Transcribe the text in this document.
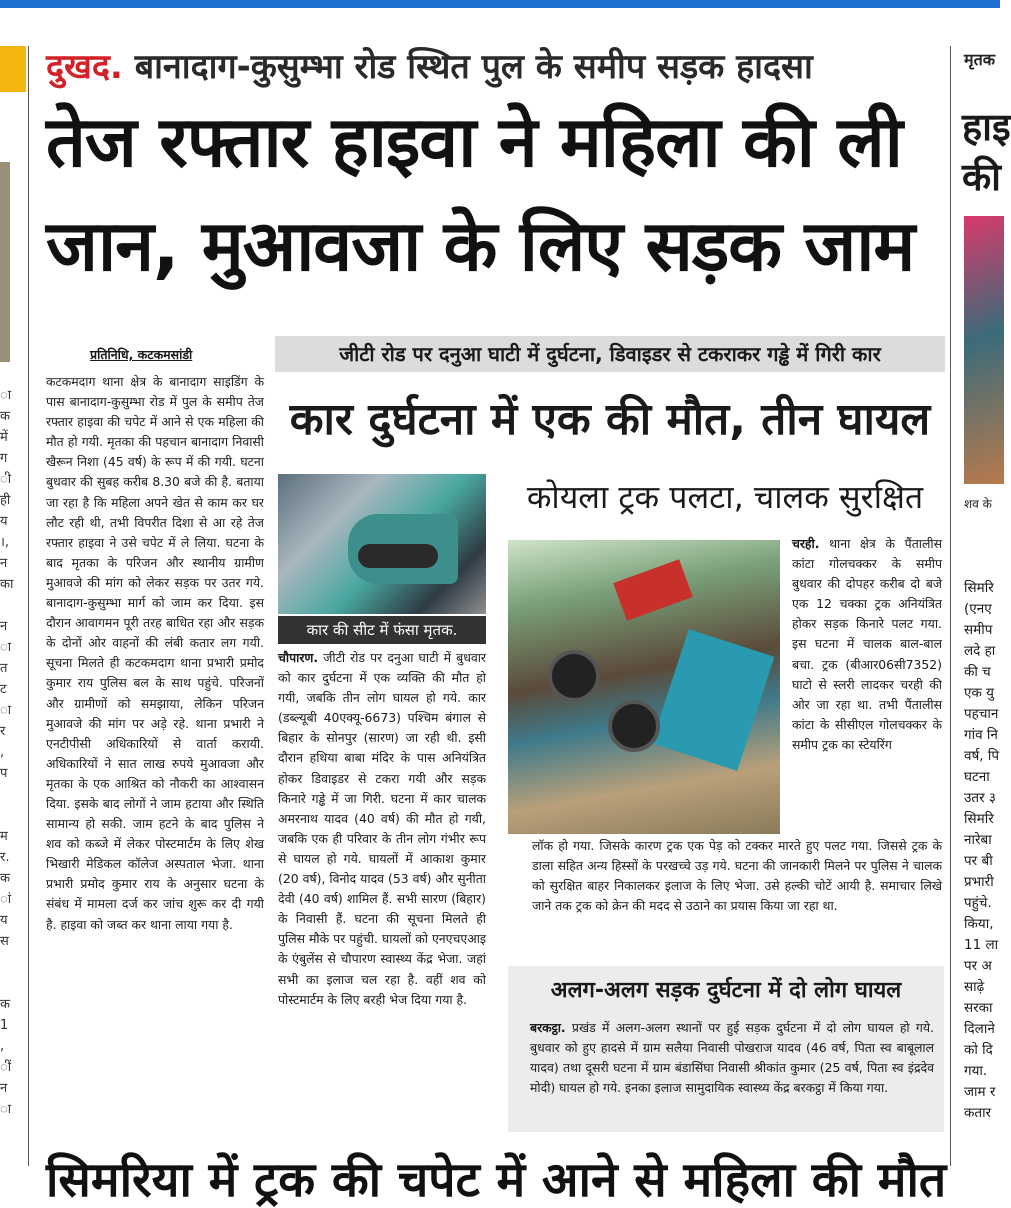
ा
क
में
ग
ी
ही
य
।,
न
का
न
ा
त
ट
ा
र
,
प
म
र.
क
ां
य
स
क
1
,
ीं
न
ा
दुखद. बानादाग-कुसुम्भा रोड स्थित पुल के समीप सड़क हादसा
तेज रफ्तार हाइवा ने महिला की ली
जान, मुआवजा के लिए सड़क जाम
प्रतिनिधि, कटकमसांडी
कटकमदाग थाना क्षेत्र के बानादाग साइडिंग के पास बानादाग-कुसुम्भा रोड में पुल के समीप तेज रफ्तार हाइवा की चपेट में आने से एक महिला की मौत हो गयी. मृतका की पहचान बानादाग निवासी खैरून निशा (45 वर्ष) के रूप में की गयी. घटना बुधवार की सुबह करीब 8.30 बजे की है. बताया जा रहा है कि महिला अपने खेत से काम कर घर लौट रही थी, तभी विपरीत दिशा से आ रहे तेज रफ्तार हाइवा ने उसे चपेट में ले लिया. घटना के बाद मृतका के परिजन और स्थानीय ग्रामीण मुआवजे की मांग को लेकर सड़क पर उतर गये. बानादाग-कुसुम्भा मार्ग को जाम कर दिया. इस दौरान आवागमन पूरी तरह बाधित रहा और सड़क के दोनों ओर वाहनों की लंबी कतार लग गयी. सूचना मिलते ही कटकमदाग थाना प्रभारी प्रमोद कुमार राय पुलिस बल के साथ पहुंचे. परिजनों और ग्रामीणों को समझाया, लेकिन परिजन मुआवजे की मांग पर अड़े रहे. थाना प्रभारी ने एनटीपीसी अधिकारियों से वार्ता करायी. अधिकारियों ने सात लाख रुपये मुआवजा और मृतका के एक आश्रित को नौकरी का आश्वासन दिया. इसके बाद लोगों ने जाम हटाया और स्थिति सामान्य हो सकी. जाम हटने के बाद पुलिस ने शव को कब्जे में लेकर पोस्टमार्टम के लिए शेख भिखारी मेडिकल कॉलेज अस्पताल भेजा. थाना प्रभारी प्रमोद कुमार राय के अनुसार घटना के संबंध में मामला दर्ज कर जांच शुरू कर दी गयी है. हाइवा को जब्त कर थाना लाया गया है.
जीटी रोड पर दनुआ घाटी में दुर्घटना, डिवाइडर से टकराकर गड्ढे में गिरी कार
कार दुर्घटना में एक की मौत, तीन घायल
कोयला ट्रक पलटा, चालक सुरक्षित
कार की सीट में फंसा मृतक.
चौपारण. जीटी रोड पर दनुआ घाटी में बुधवार को कार दुर्घटना में एक व्यक्ति की मौत हो गयी, जबकि तीन लोग घायल हो गये. कार (डब्ल्यूबी 40एक्यू-6673) पश्चिम बंगाल से बिहार के सोनपुर (सारण) जा रही थी. इसी दौरान हथिया बाबा मंदिर के पास अनियंत्रित होकर डिवाइडर से टकरा गयी और सड़क किनारे गड्ढे में जा गिरी. घटना में कार चालक अमरनाथ यादव (40 वर्ष) की मौत हो गयी, जबकि एक ही परिवार के तीन लोग गंभीर रूप से घायल हो गये. घायलों में आकाश कुमार (20 वर्ष), विनोद यादव (53 वर्ष) और सुनीता देवी (40 वर्ष) शामिल हैं. सभी सारण (बिहार) के निवासी हैं. घटना की सूचना मिलते ही पुलिस मौके पर पहुंची. घायलों को एनएचएआइ के एंबुलेंस से चौपारण स्वास्थ्य केंद्र भेजा. जहां सभी का इलाज चल रहा है. वहीं शव को पोस्टमार्टम के लिए बरही भेज दिया गया है.
चरही. थाना क्षेत्र के पैंतालीस कांटा गोलचक्कर के समीप बुधवार की दोपहर करीब दो बजे एक 12 चक्का ट्रक अनियंत्रित होकर सड़क किनारे पलट गया. इस घटना में चालक बाल-बाल बचा. ट्रक (बीआर06सी7352) घाटो से स्लरी लादकर चरही की ओर जा रहा था. तभी पैंतालीस कांटा के सीसीएल गोलचक्कर के समीप ट्रक का स्टेयरिंग
लॉक हो गया. जिसके कारण ट्रक एक पेड़ को टक्कर मारते हुए पलट गया. जिससे ट्रक के डाला सहित अन्य हिस्सों के परखच्चे उड़ गये. घटना की जानकारी मिलने पर पुलिस ने चालक को सुरक्षित बाहर निकालकर इलाज के लिए भेजा. उसे हल्की चोटें आयी है. समाचार लिखे जाने तक ट्रक को क्रेन की मदद से उठाने का प्रयास किया जा रहा था.
अलग-अलग सड़क दुर्घटना में दो लोग घायल
बरकट्ठा. प्रखंड में अलग-अलग स्थानों पर हुई सड़क दुर्घटना में दो लोग घायल हो गये. बुधवार को हुए हादसे में ग्राम सलैया निवासी पोखराज यादव (46 वर्ष, पिता स्व बाबूलाल यादव) तथा दूसरी घटना में ग्राम बंडासिंघा निवासी श्रीकांत कुमार (25 वर्ष, पिता स्व इंद्रदेव मोदी) घायल हो गये. इनका इलाज सामुदायिक स्वास्थ्य केंद्र बरकट्ठा में किया गया.
मृतक
हाइ
की
शव के
सिमरि
(एनए
समीप
लदे हा
की च
एक यु
पहचान
गांव नि
वर्ष, पि
घटना
उतर ३
सिमरि
नारेबा
पर बी
प्रभारी
पहुंचे.
किया,
11 ला
पर अ
साढ़े
सरका
दिलाने
को दि
गया.
जाम र
कतार
सिमरिया में ट्रक की चपेट में आने से महिला की मौत
